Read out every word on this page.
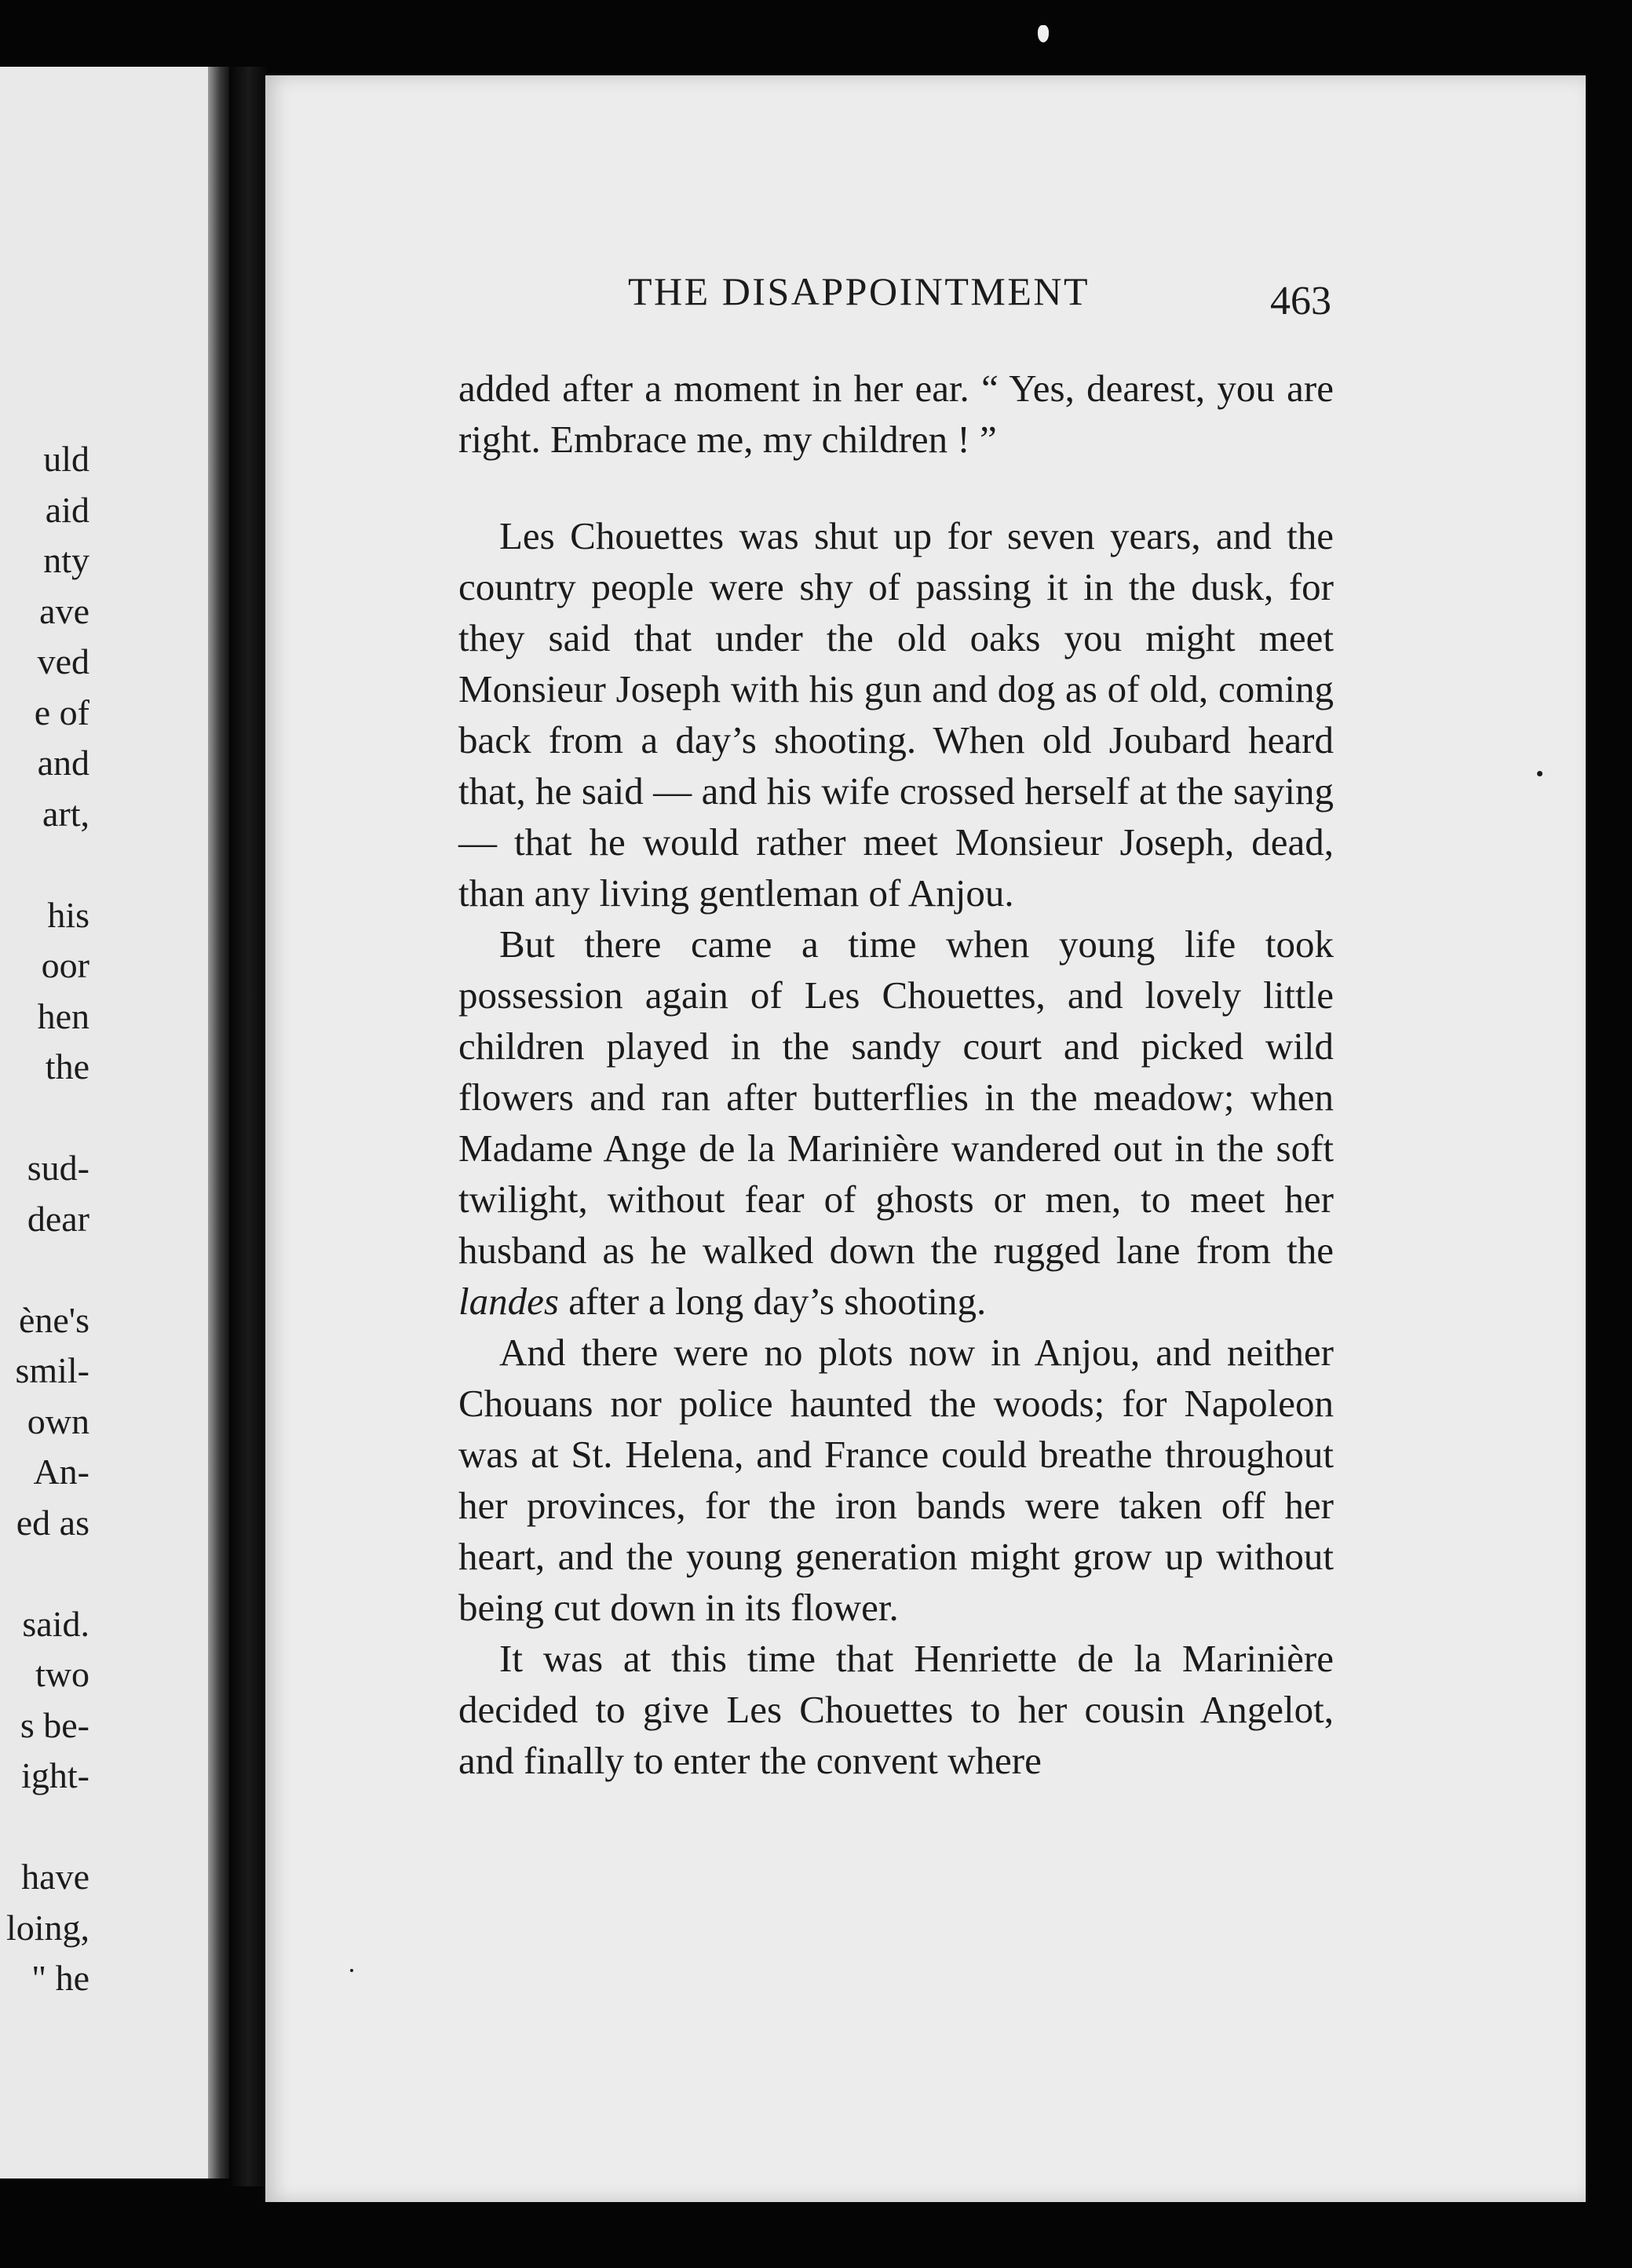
uld
aid
nty
ave
ved
e of
and
art,
his
oor
hen
the
sud-
dear
ène's
smil-
own
An-
ed as
said.
two
s be-
ight-
have
loing,
" he
THE DISAPPOINTMENT	463

added after a moment in her ear. “ Yes, dearest, you are right. Embrace me, my children ! ”

Les Chouettes was shut up for seven years, and the country people were shy of passing it in the dusk, for they said that under the old oaks you might meet Monsieur Joseph with his gun and dog as of old, coming back from a day’s shooting. When old Joubard heard that, he said — and his wife crossed herself at the saying — that he would rather meet Monsieur Joseph, dead, than any living gentleman of Anjou.

But there came a time when young life took possession again of Les Chouettes, and lovely little children played in the sandy court and picked wild flowers and ran after butterflies in the meadow; when Madame Ange de la Marinière wandered out in the soft twilight, without fear of ghosts or men, to meet her husband as he walked down the rugged lane from the landes after a long day’s shooting.

And there were no plots now in Anjou, and neither Chouans nor police haunted the woods; for Napoleon was at St. Helena, and France could breathe throughout her provinces, for the iron bands were taken off her heart, and the young generation might grow up without being cut down in its flower.

It was at this time that Henriette de la Marinière decided to give Les Chouettes to her cousin Angelot, and finally to enter the convent where
